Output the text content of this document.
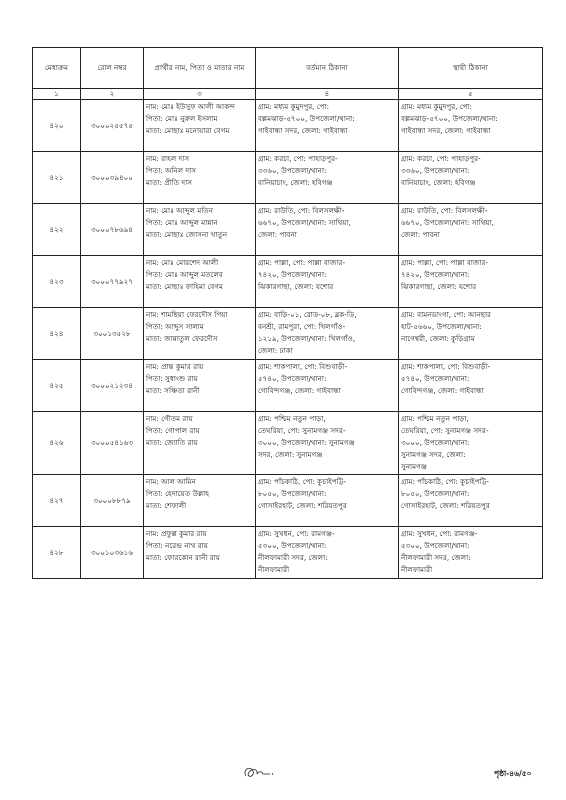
মেধাক্রম	রোল নম্বর	প্রার্থীর নাম, পিতা ও মাতার নাম	বর্তমান ঠিকানা	স্থায়ী ঠিকানা
১	২	৩	৪	৫
৪২০	৩০০০২৫৫৭৫	নাম: মোঃ ইউসুফ আলী আকন্দ
পিতা: মোঃ নুরুল ইসলাম
মাতা: মোছাঃ মনোয়ারা বেগম	গ্রাম: মধ্যম কুমুদপুর, পো:
বল্লমঝাড়-৫৭০০, উপজেলা/থানা:
গাইবান্ধা সদর, জেলা: গাইবান্ধা	গ্রাম: মধ্যম কুমুদপুর, পো:
বল্লমঝাড়-৫৭০০, উপজেলা/থানা:
গাইবান্ধা সদর, জেলা: গাইবান্ধা

৪২১	৩০০০৩৯৪০০	নাম: রাহল দাস
পিতা: অনিল দাস
মাতা: প্রীতি দাস	গ্রাম: করচা, পো: পাহাড়পুর-
৩৩৬০, উপজেলা/থানা:
বানিয়াচাং, জেলা: হবিগঞ্জ	গ্রাম: করচা, পো: পাহাড়পুর-
৩৩৬০, উপজেলা/থানা:
বানিয়াচাং, জেলা: হবিগঞ্জ

৪২২	৩০০০৭৮৬৯৪	নাম: মোঃ আব্দুল মতিন
পিতা: মোঃ আব্দুল মান্নান
মাতা: মোছাঃ জোসনা খাতুন	গ্রাম: রাউতি, পো: বিলসলক্ষী-
৬৬৭০, উপজেলা/থানা: সাথিয়া,
জেলা: পাবনা	গ্রাম: রাউতি, পো: বিলসলক্ষী-
৬৬৭০, উপজেলা/থানা: সাথিয়া,
জেলা: পাবনা

৪২৩	৩০০০৭৭৯২৭	নাম: মোঃ মোরশেদ আলী
পিতা: মোঃ আব্দুল মতলেব
মাতা: মোছাঃ ফাহিমা বেগম	গ্রাম: পাল্লা, পো: পাল্লা বাজার-
৭৪২০, উপজেলা/থানা:
ঝিকারগাছা, জেলা: যশোর	গ্রাম: পাল্লা, পো: পাল্লা বাজার-
৭৪২০, উপজেলা/থানা:
ঝিকারগাছা, জেলা: যশোর

৪২৪	৩০০১৩৫২৮	নাম: শামছিয়া ফেরদৌস পিয়া
পিতা: আব্দুস সালাম
মাতা: জান্নাতুল ফেরদৌস	গ্রাম: বাড়ি-০১, রোড-০৮, ব্লক-ডি,
বনশ্রী, রামপুরা, পো: খিলগাঁও-
১২১৯, উপজেলা/থানা: খিলগাঁও,
জেলা: ঢাকা	গ্রাম: বামনডাংগা, পো: আনছার
হাট-৫৬৬০, উপজেলা/থানা:
নাগেশ্বরী, জেলা: কুড়িগ্রাম

৪২৫	৩০০০২১২৩৪	নাম: প্রান্ত কুমার রায়
পিতা: সুধাংশু রায়
মাতা: সঞ্চিতা রানী	গ্রাম: শাকপালা, পো: বিশুবাড়ী-
৫৭৪০, উপজেলা/থানা:
গোবিন্দগঞ্জ, জেলা: গাইবান্ধা	গ্রাম: শাকপালা, পো: বিশুবাড়ী-
৫৭৪০, উপজেলা/থানা:
গোবিন্দগঞ্জ, জেলা: গাইবান্ধা

৪২৬	৩০০০৫৪১৬৩	নাম: গৌতম রায়
পিতা: গোপাল রায়
মাতা: জ্যোতি রায়	গ্রাম: পশ্চিম নতুন পাড়া,
তেঘরিয়া, পো: সুনামগঞ্জ সদর-
৩০০০, উপজেলা/থানা: সুনামগঞ্জ
সদর, জেলা: সুনামগঞ্জ	গ্রাম: পশ্চিম নতুন পাড়া,
তেঘরিয়া, পো: সুনামগঞ্জ সদর-
৩০০০, উপজেলা/থানা:
সুনামগঞ্জ সদর, জেলা:
সুনামগঞ্জ

৪২৭	৩০০০৮৮৭৯	নাম: আল আমিন
পিতা: হেদায়েত উল্লাহ
মাতা: শেফালী	গ্রাম: পাঁচকাঠি, পো: কুচাইপট্টি-
৮০৫০, উপজেলা/থানা:
গোসাইরহাট, জেলা: শরিয়তপুর	গ্রাম: পাঁচকাঠি, পো: কুচাইপট্টি-
৮০৫০, উপজেলা/থানা:
গোসাইরহাট, জেলা: শরিয়তপুর

৪২৮	৩০০১০৩৬১৬	নাম: প্রফুল্ল কুমার রায়
পিতা: নরেন্দ্র নাথ রায়
মাতা: ফোরকোন রানী রায়	গ্রাম: সুখধন, পো: রামগঞ্জ-
৫৩০০, উপজেলা/থানা:
নীলফামারী সদর, জেলা:
নীলফামারী	গ্রাম: সুখধন, পো: রামগঞ্জ-
৫৩০০, উপজেলা/থানা:
নীলফামারী সদর, জেলা:
নীলফামারী
পৃষ্ঠা-৪৬/৫০
